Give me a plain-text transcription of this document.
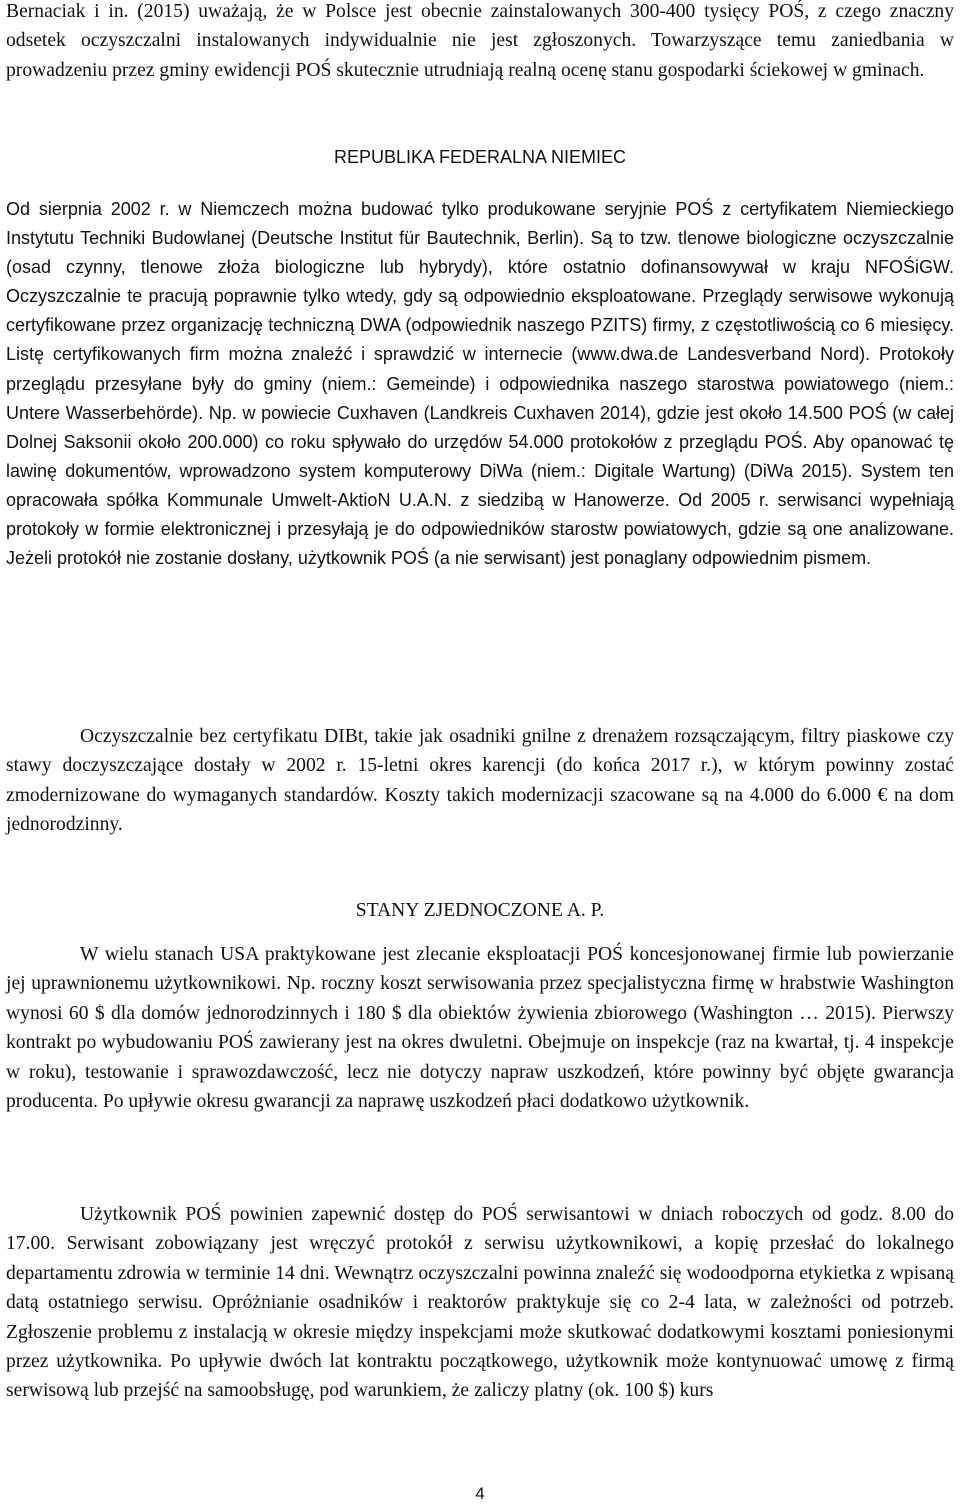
Bernaciak i in. (2015) uważają, że w Polsce jest obecnie zainstalowanych 300-400 tysięcy POŚ, z czego znaczny odsetek oczyszczalni instalowanych indywidualnie nie jest zgłoszonych. Towarzyszące temu zaniedbania w prowadzeniu przez gminy ewidencji POŚ skutecznie utrudniają realną ocenę stanu gospodarki ściekowej w gminach.

REPUBLIKA FEDERALNA NIEMIEC

Od sierpnia 2002 r. w Niemczech można budować tylko produkowane seryjnie POŚ z certyfikatem Niemieckiego Instytutu Techniki Budowlanej (Deutsche Institut für Bautechnik, Berlin). Są to tzw. tlenowe biologiczne oczyszczalnie (osad czynny, tlenowe złoża biologiczne lub hybrydy), które ostatnio dofinansowywał w kraju NFOŚiGW. Oczyszczalnie te pracują poprawnie tylko wtedy, gdy są odpowiednio eksploatowane. Przeglądy serwisowe wykonują certyfikowane przez organizację techniczną DWA (odpowiednik naszego PZITS) firmy, z częstotliwością co 6 miesięcy. Listę certyfikowanych firm można znaleźć i sprawdzić w internecie (www.dwa.de Landesverband Nord). Protokoły przeglądu przesyłane były do gminy (niem.: Gemeinde) i odpowiednika naszego starostwa powiatowego (niem.: Untere Wasserbehörde). Np. w powiecie Cuxhaven (Landkreis Cuxhaven 2014), gdzie jest około 14.500 POŚ (w całej Dolnej Saksonii około 200.000) co roku spływało do urzędów 54.000 protokołów z przeglądu POŚ. Aby opanować tę lawinę dokumentów, wprowadzono system komputerowy DiWa (niem.: Digitale Wartung) (DiWa 2015). System ten opracowała spółka Kommunale Umwelt-AktioN U.A.N. z siedzibą w Hanowerze. Od 2005 r. serwisanci wypełniają protokoły w formie elektronicznej i przesyłają je do odpowiedników starostw powiatowych, gdzie są one analizowane. Jeżeli protokół nie zostanie dosłany, użytkownik POŚ (a nie serwisant) jest ponaglany odpowiednim pismem.

Oczyszczalnie bez certyfikatu DIBt, takie jak osadniki gnilne z drenażem rozsączającym, filtry piaskowe czy stawy doczyszczające dostały w 2002 r. 15-letni okres karencji (do końca 2017 r.), w którym powinny zostać zmodernizowane do wymaganych standardów. Koszty takich modernizacji szacowane są na 4.000 do 6.000 € na dom jednorodzinny.

STANY ZJEDNOCZONE A. P.

W wielu stanach USA praktykowane jest zlecanie eksploatacji POŚ koncesjonowanej firmie lub powierzanie jej uprawnionemu użytkownikowi. Np. roczny koszt serwisowania przez specjalistyczna firmę w hrabstwie Washington wynosi 60 $ dla domów jednorodzinnych i 180 $ dla obiektów żywienia zbiorowego (Washington … 2015). Pierwszy kontrakt po wybudowaniu POŚ zawierany jest na okres dwuletni. Obejmuje on inspekcje (raz na kwartał, tj. 4 inspekcje w roku), testowanie i sprawozdawczość, lecz nie dotyczy napraw uszkodzeń, które powinny być objęte gwarancja producenta. Po upływie okresu gwarancji za naprawę uszkodzeń płaci dodatkowo użytkownik.

Użytkownik POŚ powinien zapewnić dostęp do POŚ serwisantowi w dniach roboczych od godz. 8.00 do 17.00. Serwisant zobowiązany jest wręczyć protokół z serwisu użytkownikowi, a kopię przesłać do lokalnego departamentu zdrowia w terminie 14 dni. Wewnątrz oczyszczalni powinna znaleźć się wodoodporna etykietka z wpisaną datą ostatniego serwisu. Opróżnianie osadników i reaktorów praktykuje się co 2-4 lata, w zależności od potrzeb. Zgłoszenie problemu z instalacją w okresie między inspekcjami może skutkować dodatkowymi kosztami poniesionymi przez użytkownika. Po upływie dwóch lat kontraktu początkowego, użytkownik może kontynuować umowę z firmą serwisową lub przejść na samoobsługę, pod warunkiem, że zaliczy platny (ok. 100 $) kurs

4
